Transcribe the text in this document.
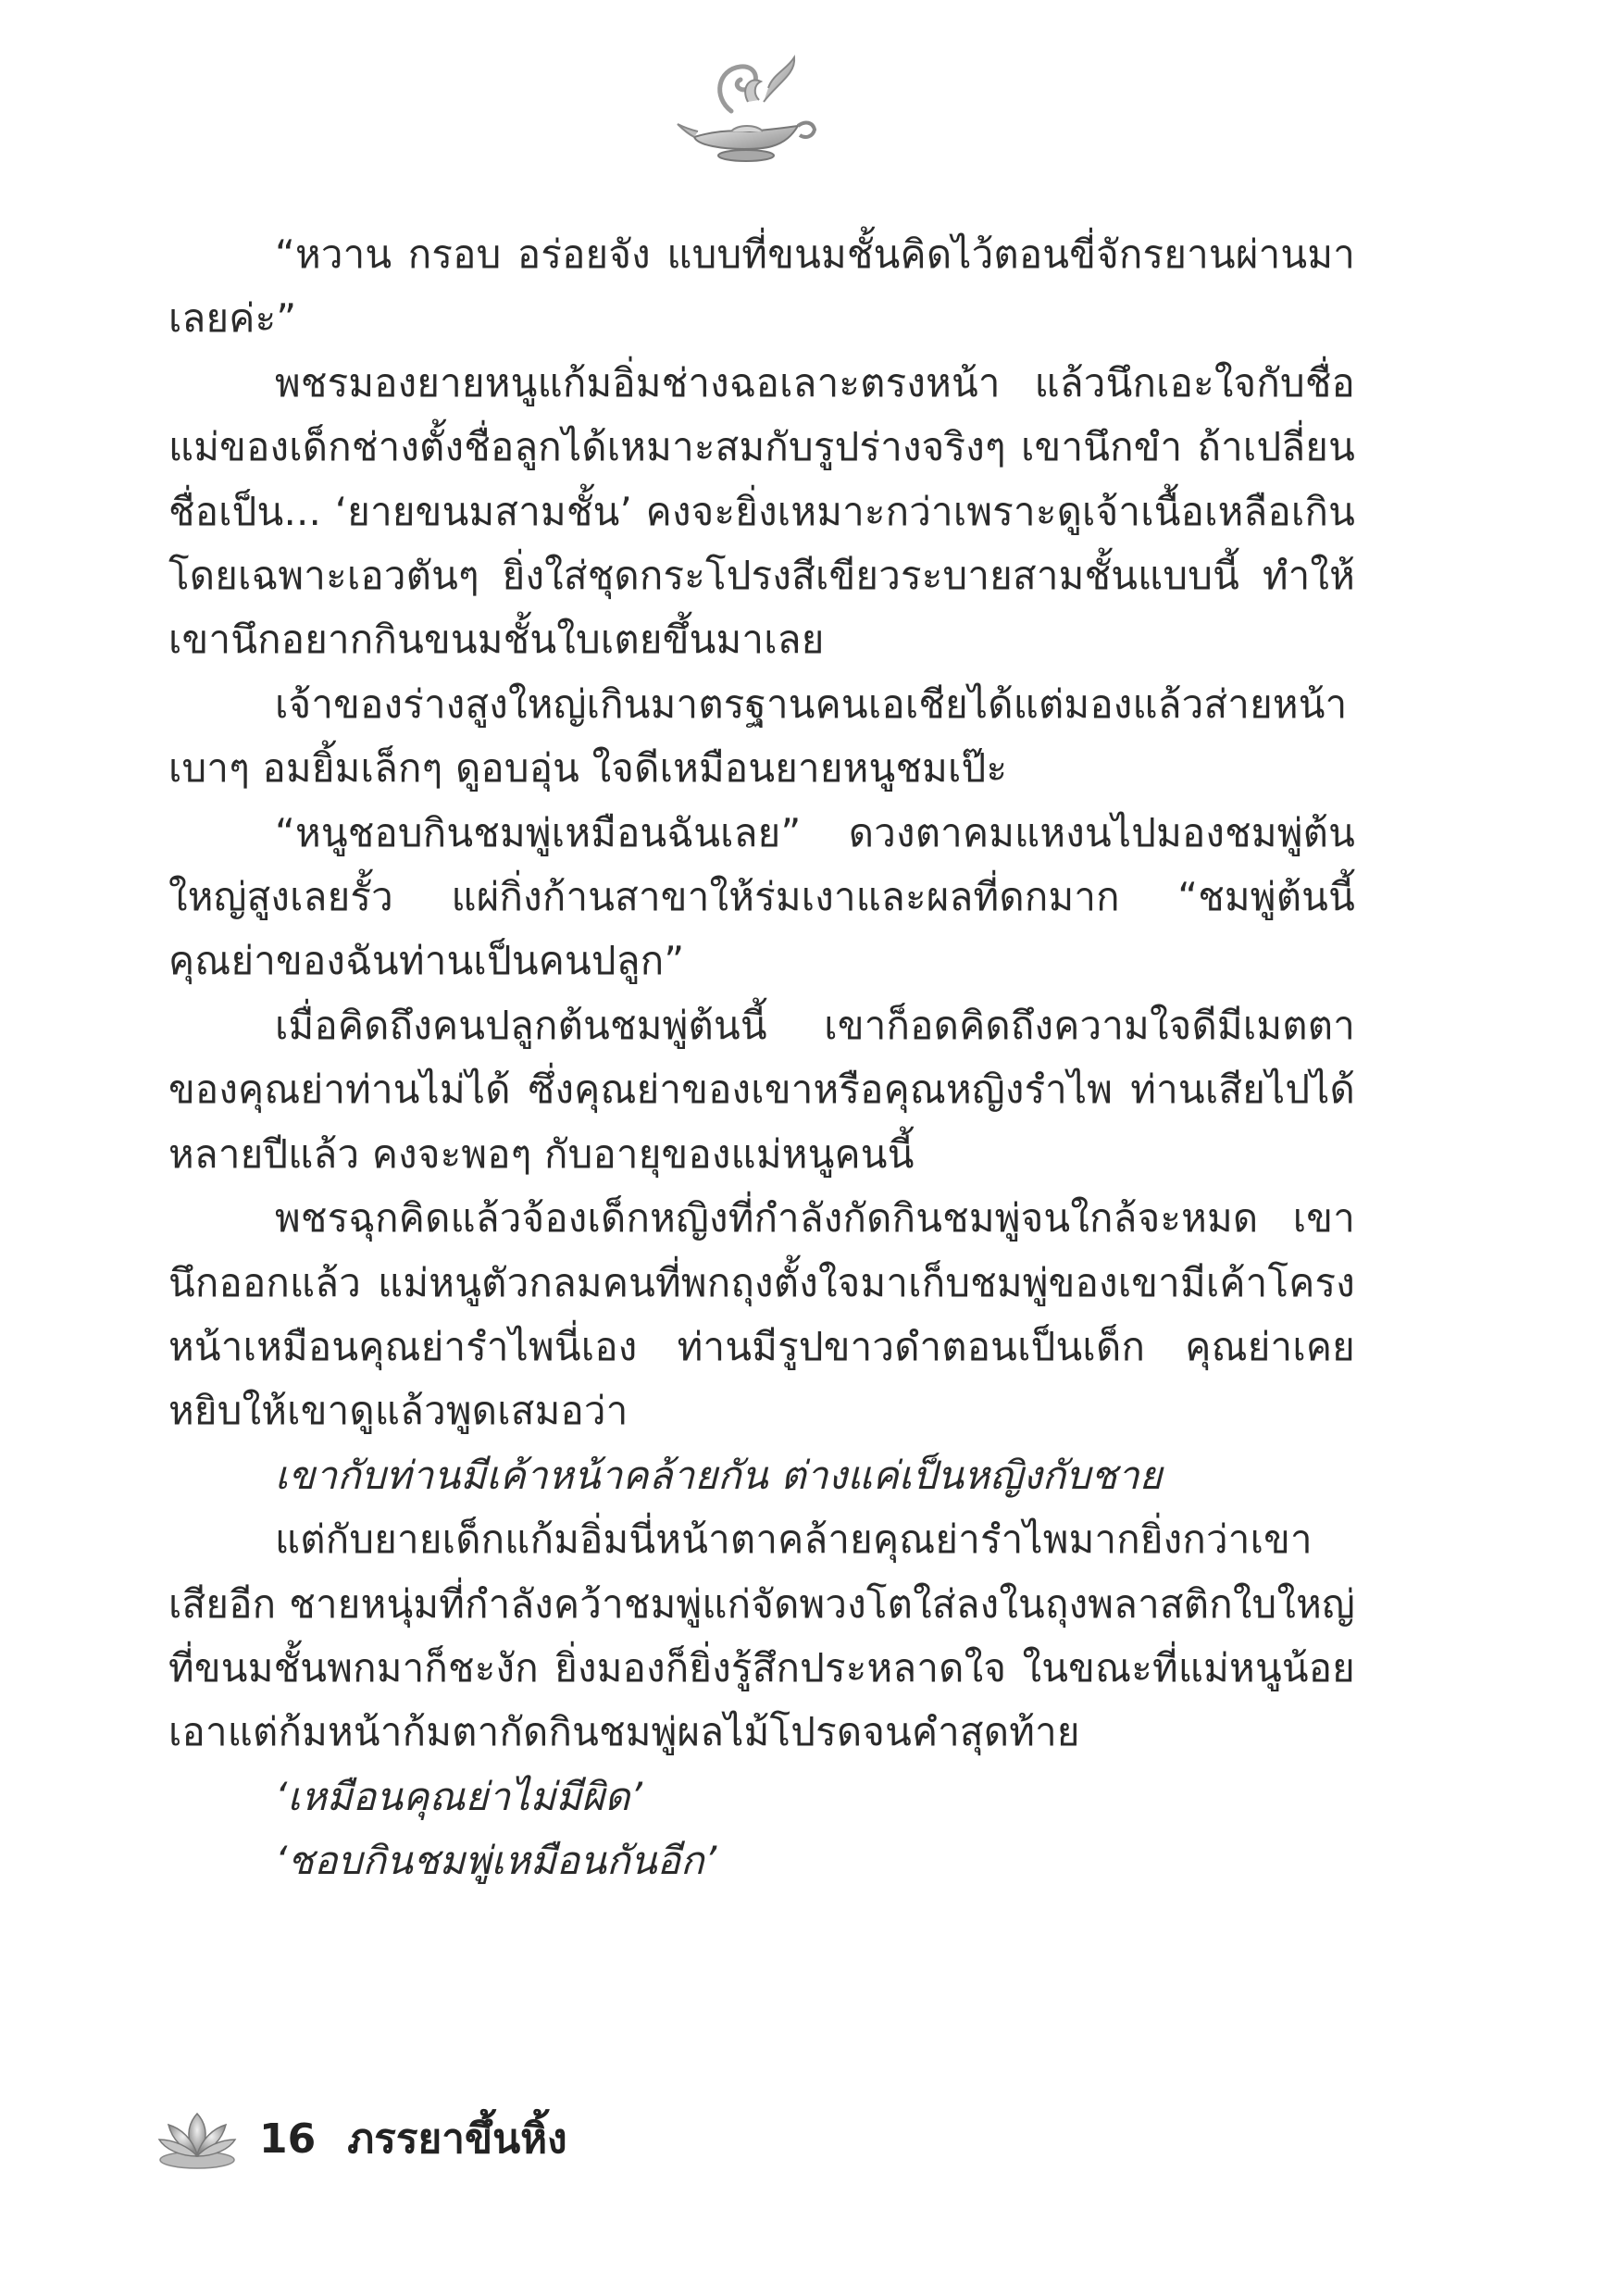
“หวาน กรอบ อร่อยจัง แบบที่ขนมชั้นคิดไว้ตอนขี่จักรยานผ่านมาเลยค่ะ”

พชรมองยายหนูแก้มอิ่มช่างฉอเลาะตรงหน้า แล้วนึกเอะใจกับชื่อแม่ของเด็กช่างตั้งชื่อลูกได้เหมาะสมกับรูปร่างจริงๆ เขานึกขำ ถ้าเปลี่ยนชื่อเป็น... ‘ยายขนมสามชั้น’ คงจะยิ่งเหมาะกว่าเพราะดูเจ้าเนื้อเหลือเกิน โดยเฉพาะเอวตันๆ ยิ่งใส่ชุดกระโปรงสีเขียวระบายสามชั้นแบบนี้ ทำให้เขานึกอยากกินขนมชั้นใบเตยขึ้นมาเลย

เจ้าของร่างสูงใหญ่เกินมาตรฐานคนเอเชียได้แต่มองแล้วส่ายหน้าเบาๆ อมยิ้มเล็กๆ ดูอบอุ่น ใจดีเหมือนยายหนูชมเป๊ะ

“หนูชอบกินชมพู่เหมือนฉันเลย” ดวงตาคมแหงนไปมองชมพู่ต้นใหญ่สูงเลยรั้ว แผ่กิ่งก้านสาขาให้ร่มเงาและผลที่ดกมาก “ชมพู่ต้นนี้ คุณย่าของฉันท่านเป็นคนปลูก”

เมื่อคิดถึงคนปลูกต้นชมพู่ต้นนี้ เขาก็อดคิดถึงความใจดีมีเมตตาของคุณย่าท่านไม่ได้ ซึ่งคุณย่าของเขาหรือคุณหญิงรำไพ ท่านเสียไปได้หลายปีแล้ว คงจะพอๆ กับอายุของแม่หนูคนนี้

พชรฉุกคิดแล้วจ้องเด็กหญิงที่กำลังกัดกินชมพู่จนใกล้จะหมด เขานึกออกแล้ว แม่หนูตัวกลมคนที่พกถุงตั้งใจมาเก็บชมพู่ของเขามีเค้าโครงหน้าเหมือนคุณย่ารำไพนี่เอง ท่านมีรูปขาวดำตอนเป็นเด็ก คุณย่าเคยหยิบให้เขาดูแล้วพูดเสมอว่า

เขากับท่านมีเค้าหน้าคล้ายกัน ต่างแค่เป็นหญิงกับชาย

แต่กับยายเด็กแก้มอิ่มนี่หน้าตาคล้ายคุณย่ารำไพมากยิ่งกว่าเขาเสียอีก ชายหนุ่มที่กำลังคว้าชมพู่แก่จัดพวงโตใส่ลงในถุงพลาสติกใบใหญ่ที่ขนมชั้นพกมาก็ชะงัก ยิ่งมองก็ยิ่งรู้สึกประหลาดใจ ในขณะที่แม่หนูน้อยเอาแต่ก้มหน้าก้มตากัดกินชมพู่ผลไม้โปรดจนคำสุดท้าย

‘เหมือนคุณย่าไม่มีผิด’

‘ชอบกินชมพู่เหมือนกันอีก’

16 ภรรยาขึ้นหิ้ง
